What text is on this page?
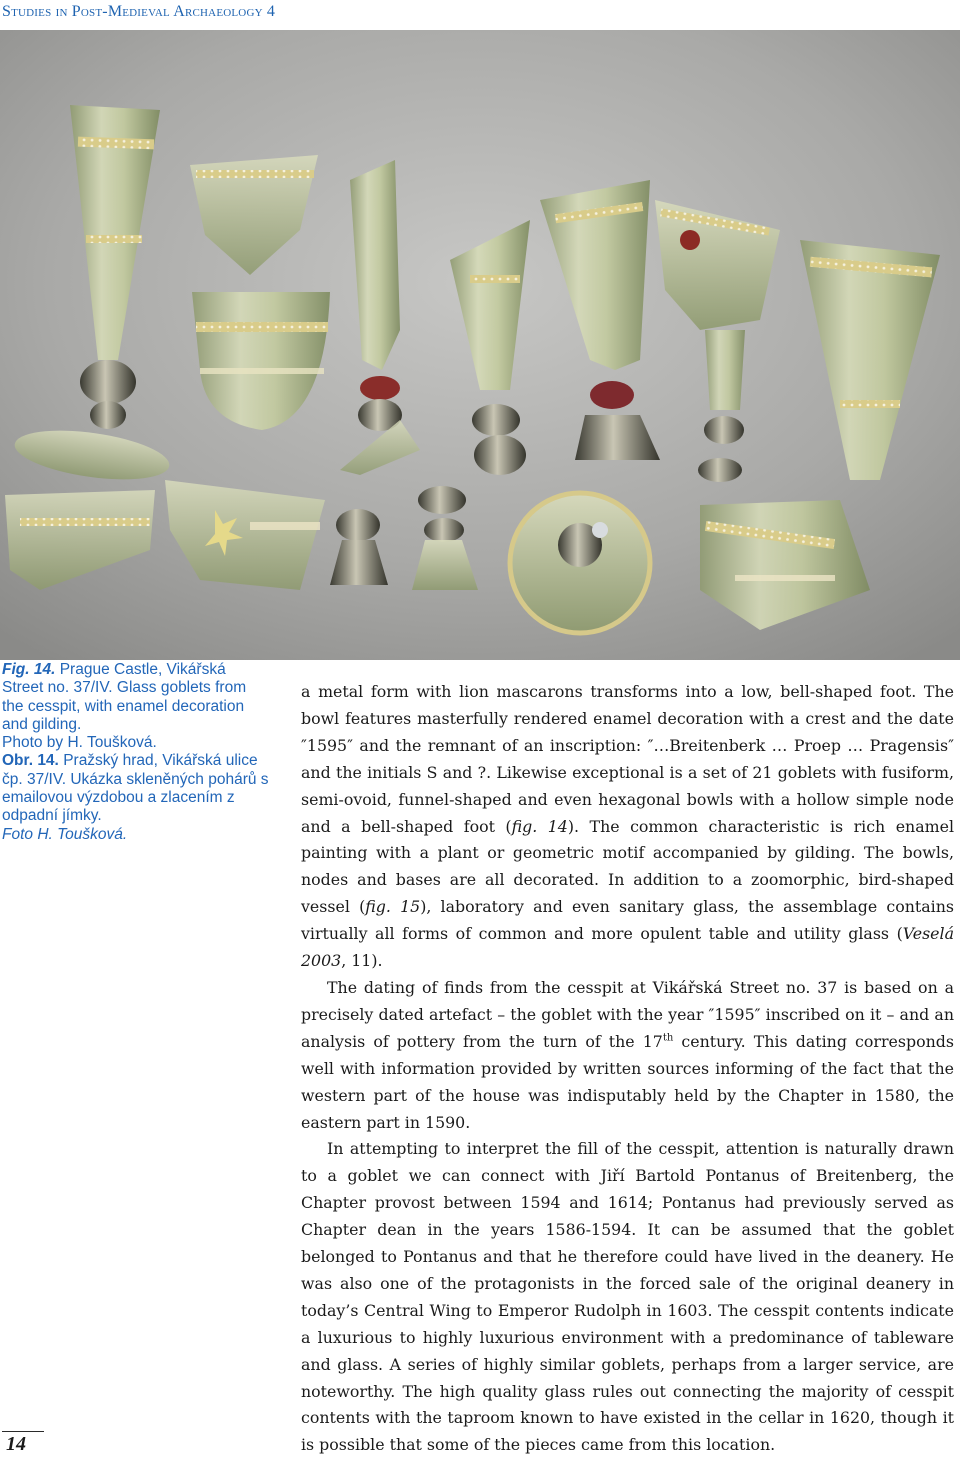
Studies in Post-Medieval Archaeology 4

Fig. 14. Prague Castle, Vikářská Street no. 37/IV. Glass goblets from the cesspit, with enamel decoration and gilding.

Photo by H. Toušková.

Obr. 14. Pražský hrad, Vikářská ulice čp. 37/IV. Ukázka skleněných pohárů s emailovou výzdobou a zlacením z odpadní jímky.

Foto H. Toušková.

14

a metal form with lion mascarons transforms into a low, bell-shaped foot. The bowl features masterfully rendered enamel decoration with a crest and the date ″1595″ and the remnant of an inscription: ″…Breitenberk … Proep … Pragensis″ and the initials S and ?. Likewise exceptional is a set of 21 goblets with fusiform, semi-ovoid, funnel-shaped and even hexagonal bowls with a hollow simple node and a bell-shaped foot (fig. 14). The common characteristic is rich enamel painting with a plant or geometric motif accompanied by gilding. The bowls, nodes and bases are all decorated. In addition to a zoomorphic, bird-shaped vessel (fig. 15), laboratory and even sanitary glass, the assemblage contains virtually all forms of common and more opulent table and utility glass (Veselá 2003, 11).

The dating of finds from the cesspit at Vikářská Street no. 37 is based on a precisely dated artefact – the goblet with the year ″1595″ inscribed on it – and an analysis of pottery from the turn of the 17th century. This dating corresponds well with information provided by written sources informing of the fact that the western part of the house was indisputably held by the Chapter in 1580, the eastern part in 1590.

In attempting to interpret the fill of the cesspit, attention is naturally drawn to a goblet we can connect with Jiří Bartold Pontanus of Breitenberg, the Chapter provost between 1594 and 1614; Pontanus had previously served as Chapter dean in the years 1586-1594. It can be assumed that the goblet belonged to Pontanus and that he therefore could have lived in the deanery. He was also one of the protagonists in the forced sale of the original deanery in today’s Central Wing to Emperor Rudolph in 1603. The cesspit contents indicate a luxurious to highly luxurious environment with a predominance of tableware and glass. A series of highly similar goblets, perhaps from a larger service, are noteworthy. The high quality glass rules out connecting the majority of cesspit contents with the taproom known to have existed in the cellar in 1620, though it is possible that some of the pieces came from this location.
